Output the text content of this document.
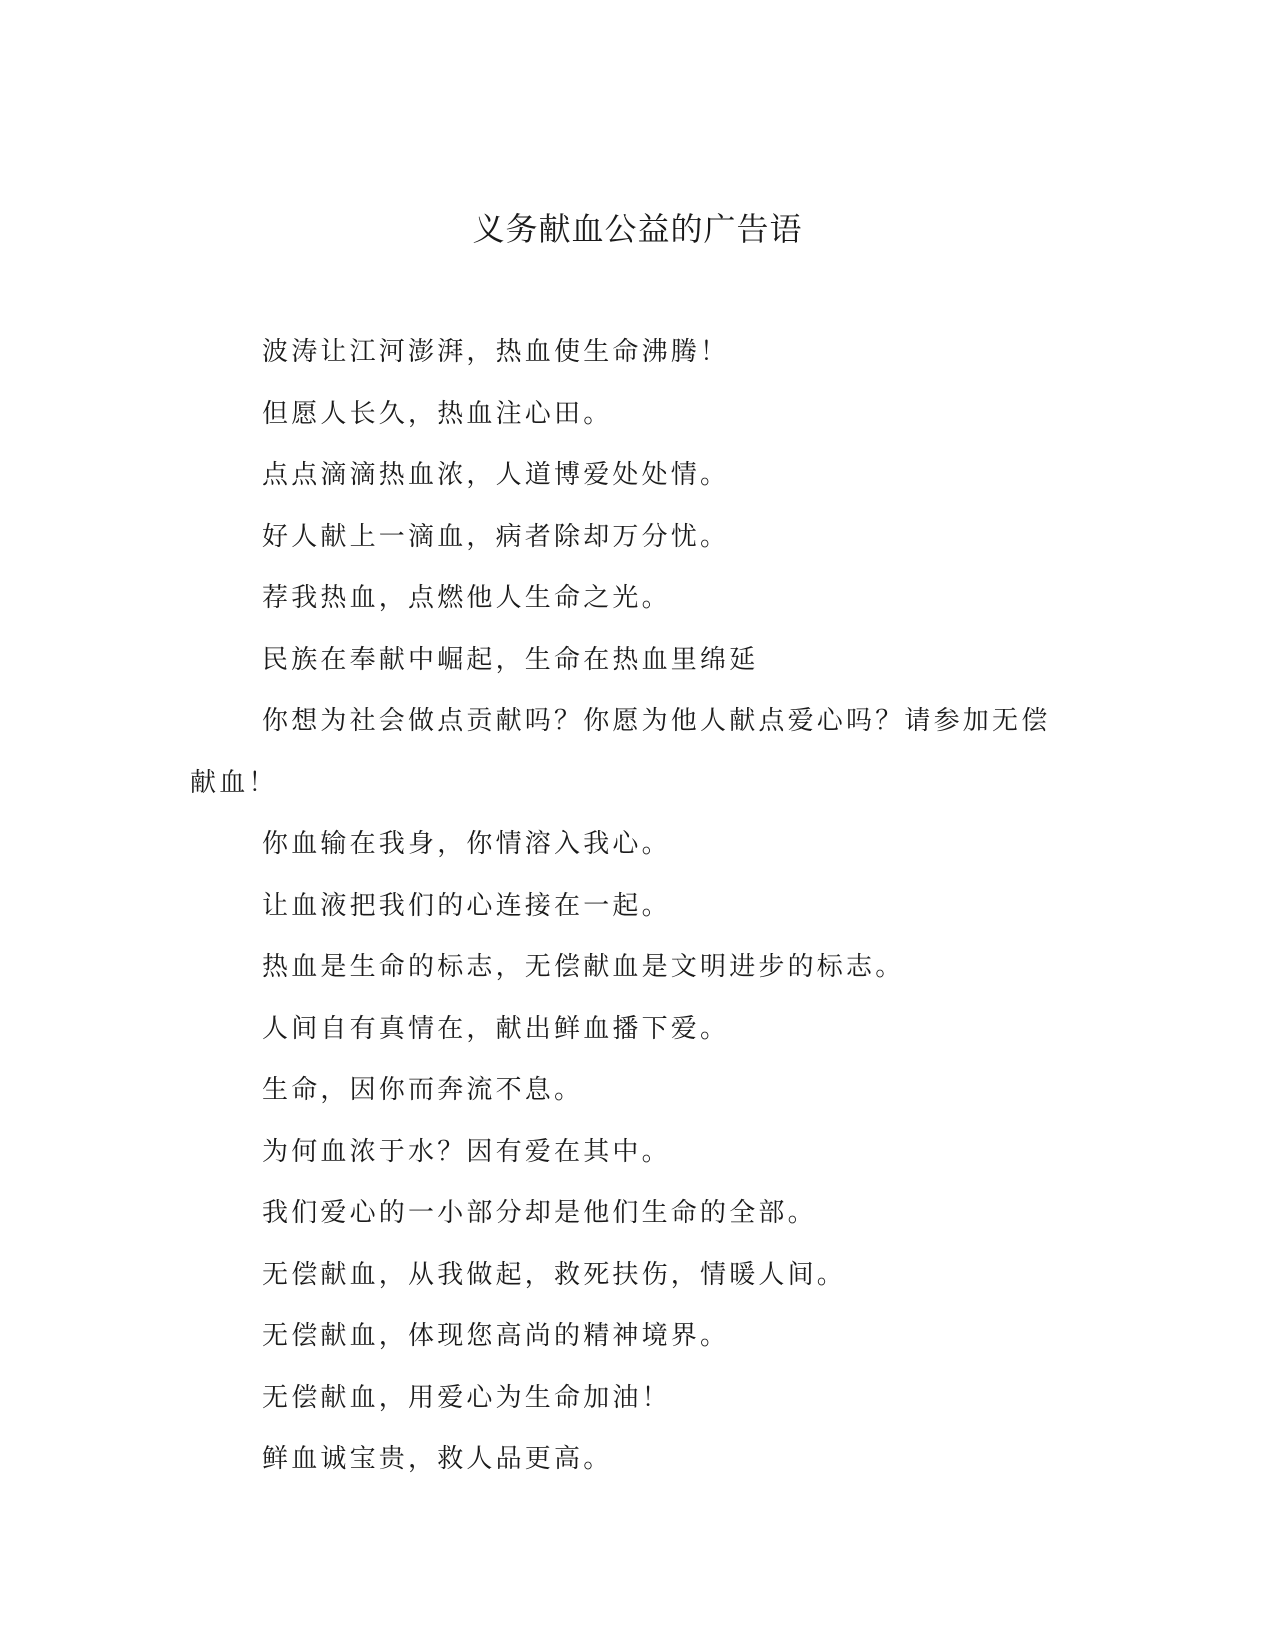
义务献血公益的广告语

波涛让江河澎湃，热血使生命沸腾！

但愿人长久，热血注心田。

点点滴滴热血浓，人道博爱处处情。

好人献上一滴血，病者除却万分忧。

荐我热血，点燃他人生命之光。

民族在奉献中崛起，生命在热血里绵延

你想为社会做点贡献吗？你愿为他人献点爱心吗？请参加无偿献血！

你血输在我身，你情溶入我心。

让血液把我们的心连接在一起。

热血是生命的标志，无偿献血是文明进步的标志。

人间自有真情在，献出鲜血播下爱。

生命，因你而奔流不息。

为何血浓于水？因有爱在其中。

我们爱心的一小部分却是他们生命的全部。

无偿献血，从我做起，救死扶伤，情暖人间。

无偿献血，体现您高尚的精神境界。

无偿献血，用爱心为生命加油！

鲜血诚宝贵，救人品更高。
